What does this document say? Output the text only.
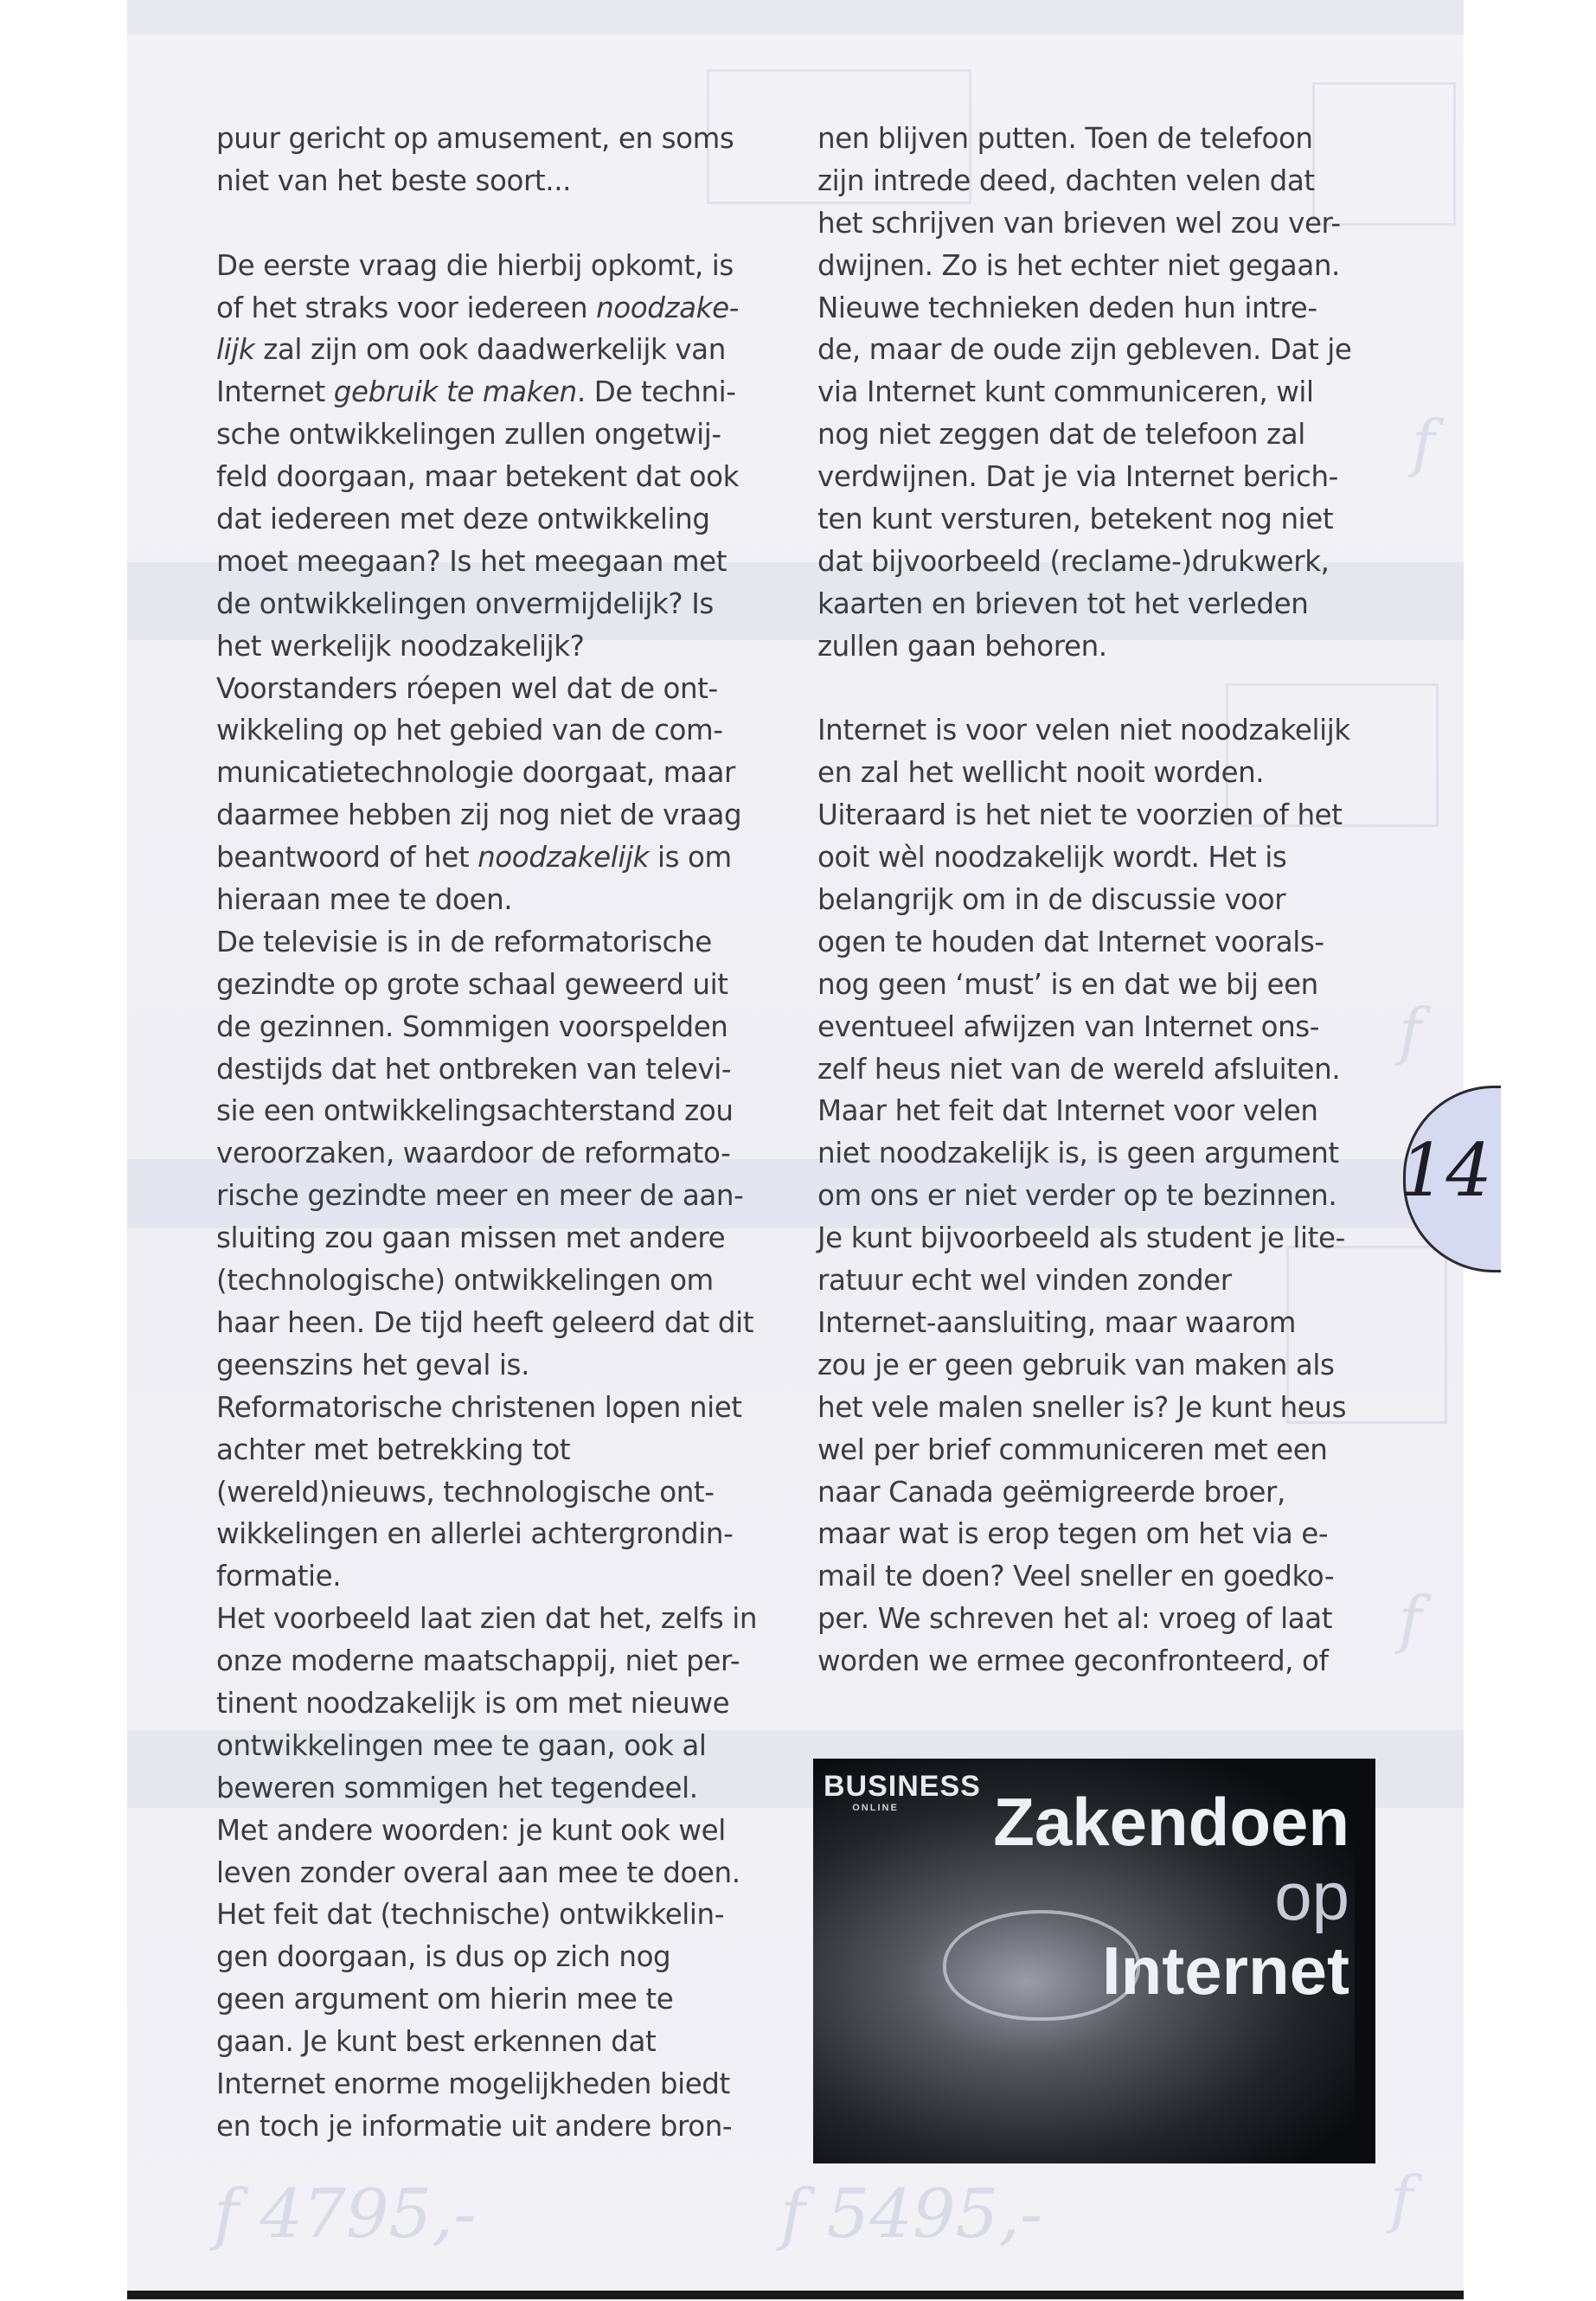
f
f
f
f
f 4795,-	f 5495,-
puur gericht op amusement, en soms
niet van het beste soort...
De eerste vraag die hierbij opkomt, is
of het straks voor iedereen noodzake-
lijk zal zijn om ook daadwerkelijk van
Internet gebruik te maken. De techni-
sche ontwikkelingen zullen ongetwij-
feld doorgaan, maar betekent dat ook
dat iedereen met deze ontwikkeling
moet meegaan? Is het meegaan met
de ontwikkelingen onvermijdelijk? Is
het werkelijk noodzakelijk?
Voorstanders róepen wel dat de ont-
wikkeling op het gebied van de com-
municatietechnologie doorgaat, maar
daarmee hebben zij nog niet de vraag
beantwoord of het noodzakelijk is om
hieraan mee te doen.
De televisie is in de reformatorische
gezindte op grote schaal geweerd uit
de gezinnen. Sommigen voorspelden
destijds dat het ontbreken van televi-
sie een ontwikkelingsachterstand zou
veroorzaken, waardoor de reformato-
rische gezindte meer en meer de aan-
sluiting zou gaan missen met andere
(technologische) ontwikkelingen om
haar heen. De tijd heeft geleerd dat dit
geenszins het geval is.
Reformatorische christenen lopen niet
achter met betrekking tot
(wereld)nieuws, technologische ont-
wikkelingen en allerlei achtergrondin-
formatie.
Het voorbeeld laat zien dat het, zelfs in
onze moderne maatschappij, niet per-
tinent noodzakelijk is om met nieuwe
ontwikkelingen mee te gaan, ook al
beweren sommigen het tegendeel.
Met andere woorden: je kunt ook wel
leven zonder overal aan mee te doen.
Het feit dat (technische) ontwikkelin-
gen doorgaan, is dus op zich nog
geen argument om hierin mee te
gaan. Je kunt best erkennen dat
Internet enorme mogelijkheden biedt
en toch je informatie uit andere bron-
nen blijven putten. Toen de telefoon
zijn intrede deed, dachten velen dat
het schrijven van brieven wel zou ver-
dwijnen. Zo is het echter niet gegaan.
Nieuwe technieken deden hun intre-
de, maar de oude zijn gebleven. Dat je
via Internet kunt communiceren, wil
nog niet zeggen dat de telefoon zal
verdwijnen. Dat je via Internet berich-
ten kunt versturen, betekent nog niet
dat bijvoorbeeld (reclame-)drukwerk,
kaarten en brieven tot het verleden
zullen gaan behoren.
Internet is voor velen niet noodzakelijk
en zal het wellicht nooit worden.
Uiteraard is het niet te voorzien of het
ooit wèl noodzakelijk wordt. Het is
belangrijk om in de discussie voor
ogen te houden dat Internet voorals-
nog geen ‘must’ is en dat we bij een
eventueel afwijzen van Internet ons-
zelf heus niet van de wereld afsluiten.
Maar het feit dat Internet voor velen
niet noodzakelijk is, is geen argument
om ons er niet verder op te bezinnen.
Je kunt bijvoorbeeld als student je lite-
ratuur echt wel vinden zonder
Internet-aansluiting, maar waarom
zou je er geen gebruik van maken als
het vele malen sneller is? Je kunt heus
wel per brief communiceren met een
naar Canada geëmigreerde broer,
maar wat is erop tegen om het via e-
mail te doen? Veel sneller en goedko-
per. We schreven het al: vroeg of laat
worden we ermee geconfronteerd, of
BUSINESS
ONLINE	Zakendoen
op
Internet
14
